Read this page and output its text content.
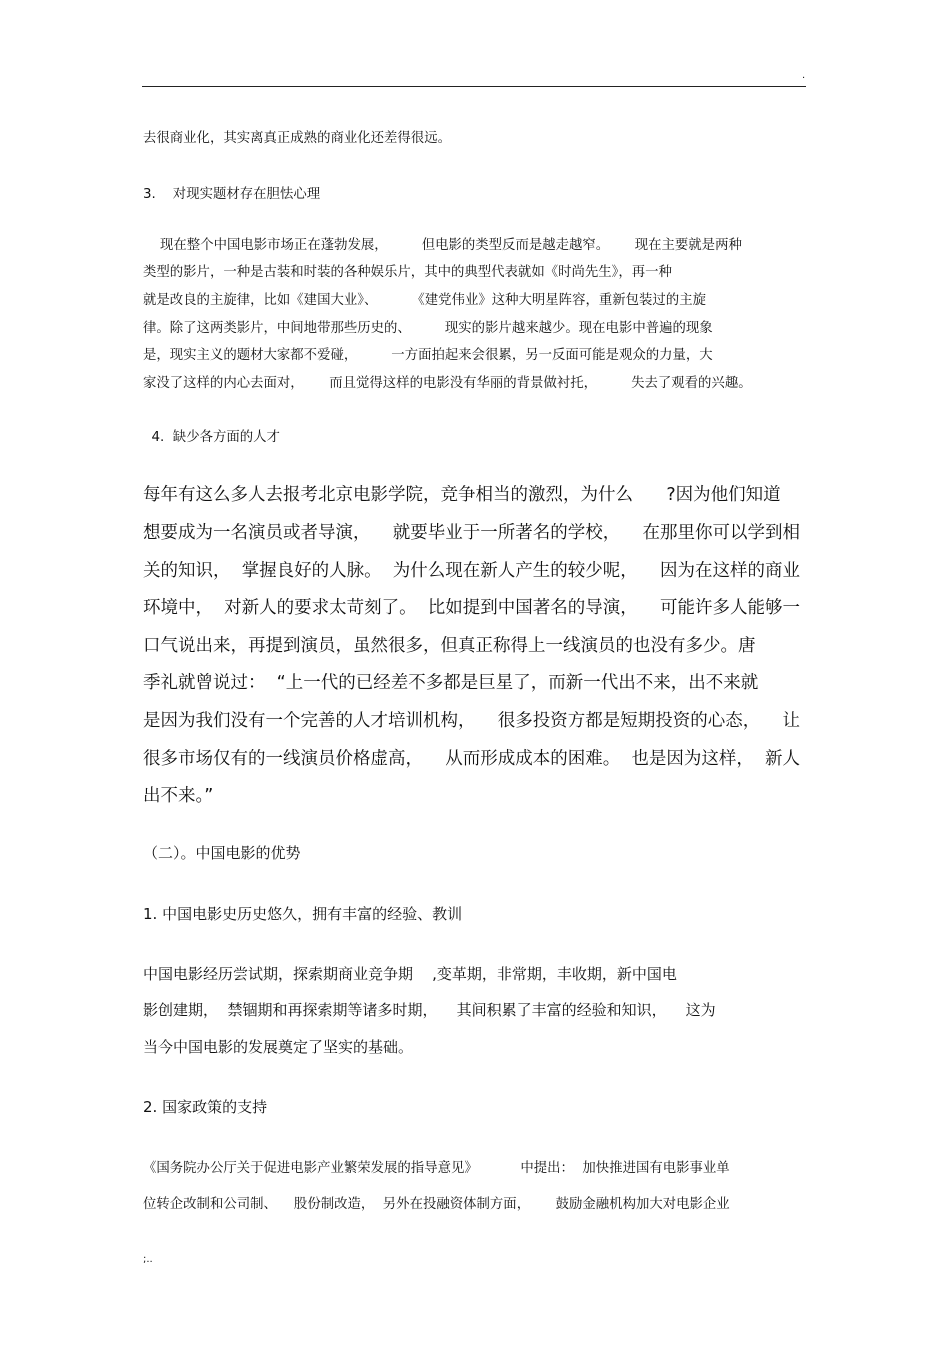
.
去很商业化，其实离真正成熟的商业化还差得很远。
3.    对现实题材存在胆怯心理
现在整个中国电影市场正在蓬勃发展，        但电影的类型反而是越走越窄。      现在主要就是两种
类型的影片，一种是古装和时装的各种娱乐片，其中的典型代表就如《时尚先生》，再一种
就是改良的主旋律，比如《建国大业》、        《建党伟业》这种大明星阵容，重新包装过的主旋
律。除了这两类影片，中间地带那些历史的、        现实的影片越来越少。现在电影中普遍的现象
是，现实主义的题材大家都不爱碰，        一方面拍起来会很累，另一反面可能是观众的力量，大
家没了这样的内心去面对，      而且觉得这样的电影没有华丽的背景做衬托，        失去了观看的兴趣。
4.  缺少各方面的人才
每年有这么多人去报考北京电影学院，竞争相当的激烈，为什么      ?因为他们知道
想要成为一名演员或者导演，    就要毕业于一所著名的学校，    在那里你可以学到相
关的知识，  掌握良好的人脉。  为什么现在新人产生的较少呢，    因为在这样的商业
环境中，  对新人的要求太苛刻了。  比如提到中国著名的导演，    可能许多人能够一
口气说出来，再提到演员，虽然很多，但真正称得上一线演员的也没有多少。唐
季礼就曾说过：  “上一代的已经差不多都是巨星了，而新一代出不来，出不来就
是因为我们没有一个完善的人才培训机构，    很多投资方都是短期投资的心态，    让
很多市场仅有的一线演员价格虚高，    从而形成成本的困难。  也是因为这样，  新人
出不来。”
（二）。中国电影的优势
1. 中国电影史历史悠久，拥有丰富的经验、教训
中国电影经历尝试期，探索期商业竞争期    ,变革期，非常期，丰收期，新中国电
影创建期，  禁锢期和再探索期等诸多时期，    其间积累了丰富的经验和知识，    这为
当今中国电影的发展奠定了坚实的基础。
2. 国家政策的支持
《国务院办公厅关于促进电影产业繁荣发展的指导意见》          中提出：  加快推进国有电影事业单
位转企改制和公司制、    股份制改造，  另外在投融资体制方面，      鼓励金融机构加大对电影企业
;..
